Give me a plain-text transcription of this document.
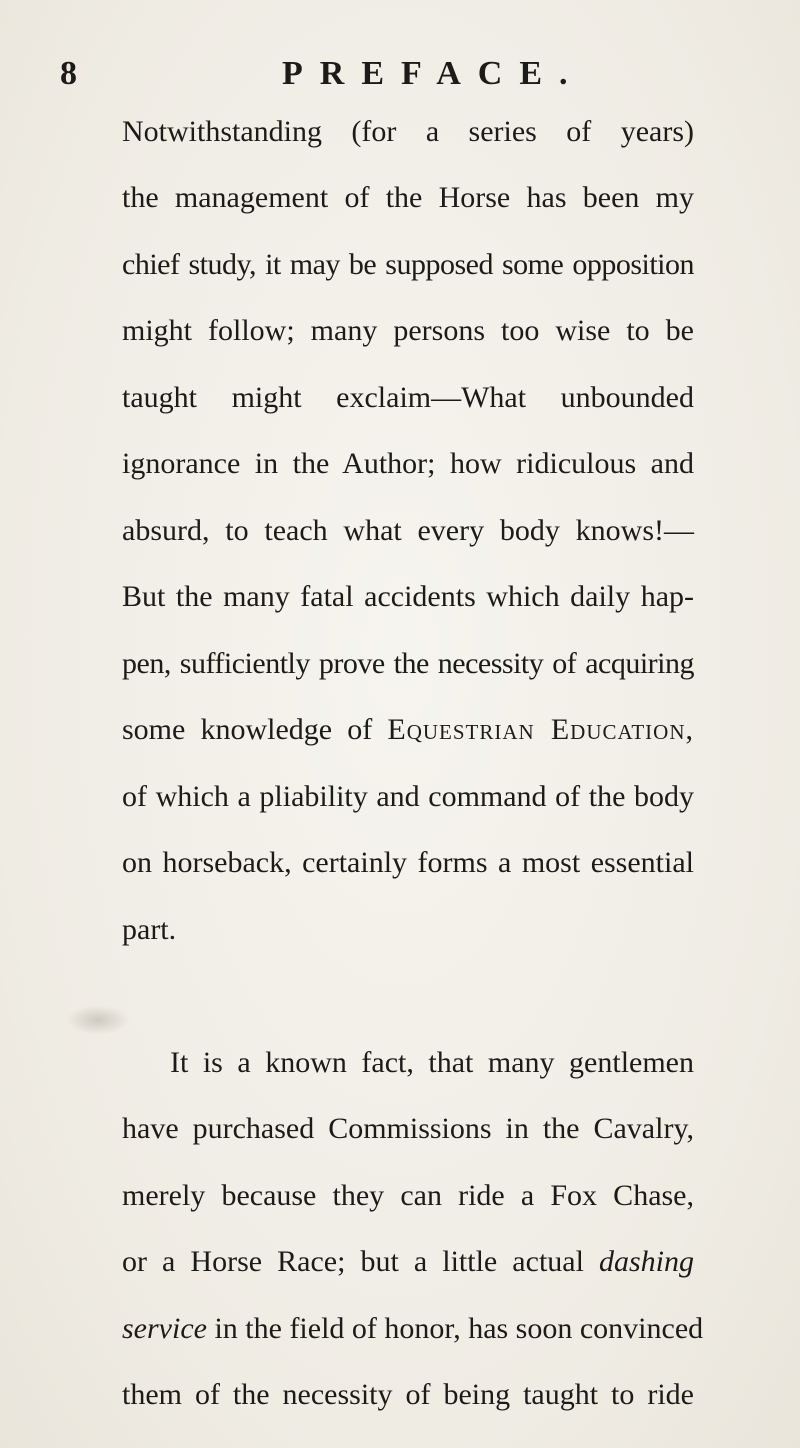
8	PREFACE.
Notwithstanding (for a series of years)
the management of the Horse has been my
chief study, it may be supposed some opposition
might follow; many persons too wise to be
taught might exclaim—What unbounded
ignorance in the Author; how ridiculous and
absurd, to teach what every body knows!—
But the many fatal accidents which daily hap-
pen, sufficiently prove the necessity of acquiring
some knowledge of Equestrian Education,
of which a pliability and command of the body
on horseback, certainly forms a most essential
part.
It is a known fact, that many gentlemen
have purchased Commissions in the Cavalry,
merely because they can ride a Fox Chase,
or a Horse Race; but a little actual dashing
service in the field of honor, has soon convinced
them of the necessity of being taught to ride
